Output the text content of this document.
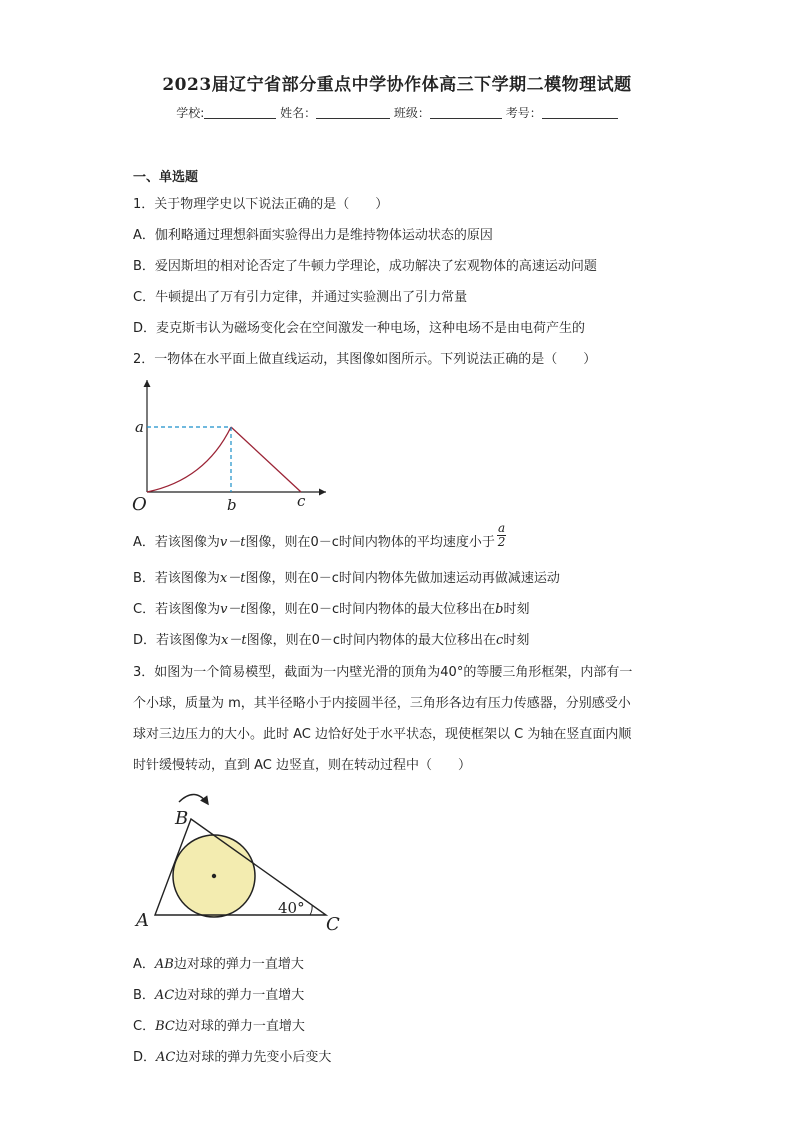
2023届辽宁省部分重点中学协作体高三下学期二模物理试题
学校:	姓名：	班级：	考号：
一、单选题
1．关于物理学史以下说法正确的是（　　）
A．伽利略通过理想斜面实验得出力是维持物体运动状态的原因
B．爱因斯坦的相对论否定了牛顿力学理论，成功解决了宏观物体的高速运动问题
C．牛顿提出了万有引力定律，并通过实验测出了引力常量
D．麦克斯韦认为磁场变化会在空间激发一种电场，这种电场不是由电荷产生的
2．一物体在水平面上做直线运动，其图像如图所示。下列说法正确的是（　　）
a
b	c
O
A．若该图像为v－t图像，则在0－c时间内物体的平均速度小于 $\frac{a}{2}$
B．若该图像为x－t图像，则在0－c时间内物体先做加速运动再做减速运动
C．若该图像为v－t图像，则在0－c时间内物体的最大位移出在b时刻
D．若该图像为x－t图像，则在0－c时间内物体的最大位移出在c时刻
3．如图为一个简易模型，截面为一内壁光滑的顶角为40°的等腰三角形框架，内部有一
个小球，质量为 m，其半径略小于内接圆半径，三角形各边有压力传感器，分别感受小
球对三边压力的大小。此时 AC 边恰好处于水平状态，现使框架以 C 为轴在竖直面内顺
时针缓慢转动，直到 AC 边竖直，则在转动过程中（　　）
A
B
C
40°
A．AB边对球的弹力一直增大
B．AC边对球的弹力一直增大
C．BC边对球的弹力一直增大
D．AC边对球的弹力先变小后变大
